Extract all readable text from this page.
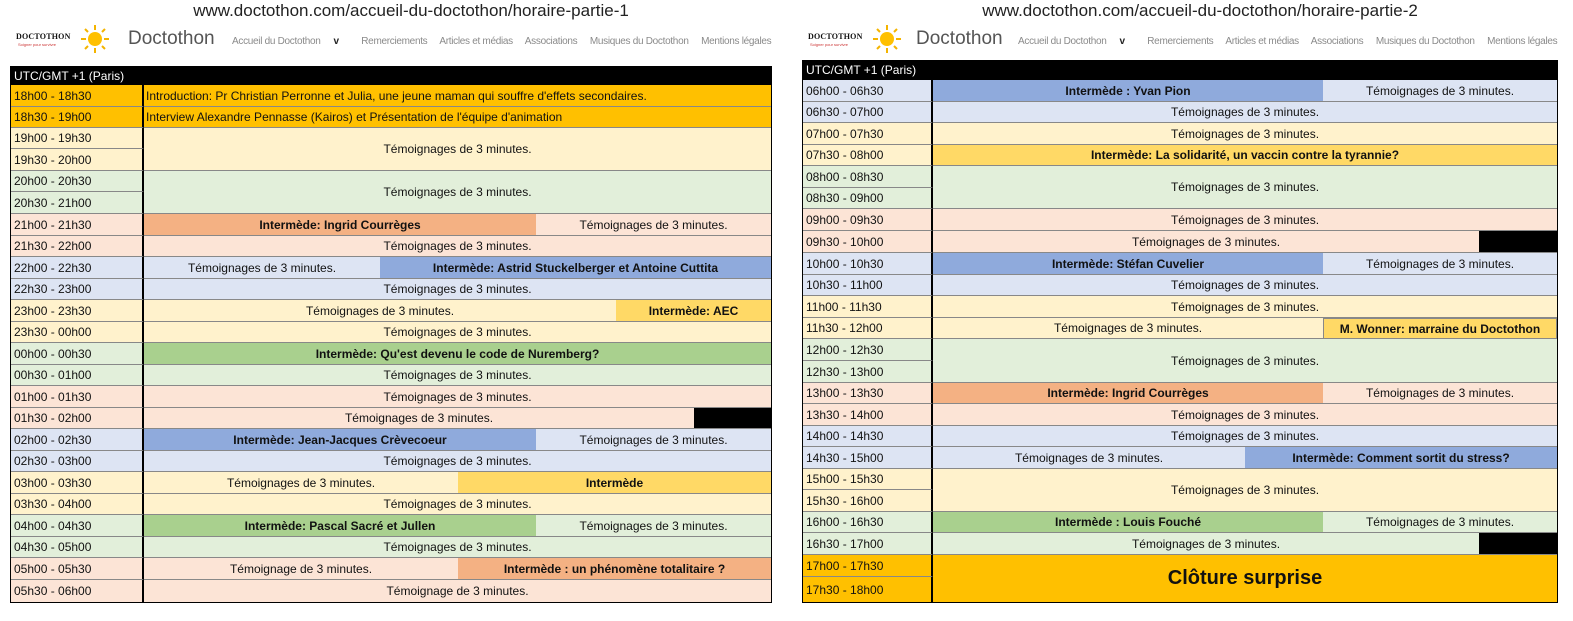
www.doctothon.com/accueil-du-doctothon/horaire-partie-1
DOCTOTHON
Soigner pour survivre	Doctothon Accueil du Doctothon v Remerciements Articles et médias Associations Musiques du Doctothon Mentions légales
UTC/GMT +1 (Paris)
18h00 - 18h30	Introduction: Pr Christian Perronne et Julia, une jeune maman qui souffre d'effets secondaires.
18h30 - 19h00	Interview Alexandre Pennasse (Kairos) et Présentation de l'équipe d'animation
19h00 - 19h30
19h30 - 20h00
Témoignages de 3 minutes.
20h00 - 20h30
20h30 - 21h00
Témoignages de 3 minutes.
21h00 - 21h30	Intermède: Ingrid Courrèges	Témoignages de 3 minutes.
21h30 - 22h00	Témoignages de 3 minutes.
22h00 - 22h30	Témoignages de 3 minutes.	Intermède: Astrid Stuckelberger et Antoine Cuttita
22h30 - 23h00	Témoignages de 3 minutes.
23h00 - 23h30	Témoignages de 3 minutes.	Intermède: AEC
23h30 - 00h00	Témoignages de 3 minutes.
00h00 - 00h30	Intermède: Qu'est devenu le code de Nuremberg?
00h30 - 01h00	Témoignages de 3 minutes.
01h00 - 01h30	Témoignages de 3 minutes.
01h30 - 02h00	Témoignages de 3 minutes.
02h00 - 02h30	Intermède: Jean-Jacques Crèvecoeur	Témoignages de 3 minutes.
02h30 - 03h00	Témoignages de 3 minutes.
03h00 - 03h30	Témoignages de 3 minutes.	Intermède
03h30 - 04h00	Témoignages de 3 minutes.
04h00 - 04h30	Intermède: Pascal Sacré et Jullen	Témoignages de 3 minutes.
04h30 - 05h00	Témoignages de 3 minutes.
05h00 - 05h30	Témoignage de 3 minutes.	Intermède : un phénomène totalitaire ?
05h30 - 06h00	Témoignage de 3 minutes.
www.doctothon.com/accueil-du-doctothon/horaire-partie-2
DOCTOTHON
Soigner pour survivre	Doctothon Accueil du Doctothon v Remerciements Articles et médias Associations Musiques du Doctothon Mentions légales
UTC/GMT +1 (Paris)
06h00 - 06h30	Intermède : Yvan Pion	Témoignages de 3 minutes.
06h30 - 07h00	Témoignages de 3 minutes.
07h00 - 07h30	Témoignages de 3 minutes.
07h30 - 08h00	Intermède: La solidarité, un vaccin contre la tyrannie?
08h00 - 08h30
08h30 - 09h00
Témoignages de 3 minutes.
09h00 - 09h30	Témoignages de 3 minutes.
09h30 - 10h00	Témoignages de 3 minutes.
10h00 - 10h30	Intermède: Stéfan Cuvelier	Témoignages de 3 minutes.
10h30 - 11h00	Témoignages de 3 minutes.
11h00 - 11h30	Témoignages de 3 minutes.
11h30 - 12h00	Témoignages de 3 minutes.	M. Wonner: marraine du Doctothon
12h00 - 12h30
12h30 - 13h00
Témoignages de 3 minutes.
13h00 - 13h30	Intermède: Ingrid Courrèges	Témoignages de 3 minutes.
13h30 - 14h00	Témoignages de 3 minutes.
14h00 - 14h30	Témoignages de 3 minutes.
14h30 - 15h00	Témoignages de 3 minutes.	Intermède: Comment sortit du stress?
15h00 - 15h30
15h30 - 16h00
Témoignages de 3 minutes.
16h00 - 16h30	Intermède : Louis Fouché	Témoignages de 3 minutes.
16h30 - 17h00	Témoignages de 3 minutes.
17h00 - 17h30
17h30 - 18h00
Clôture surprise
